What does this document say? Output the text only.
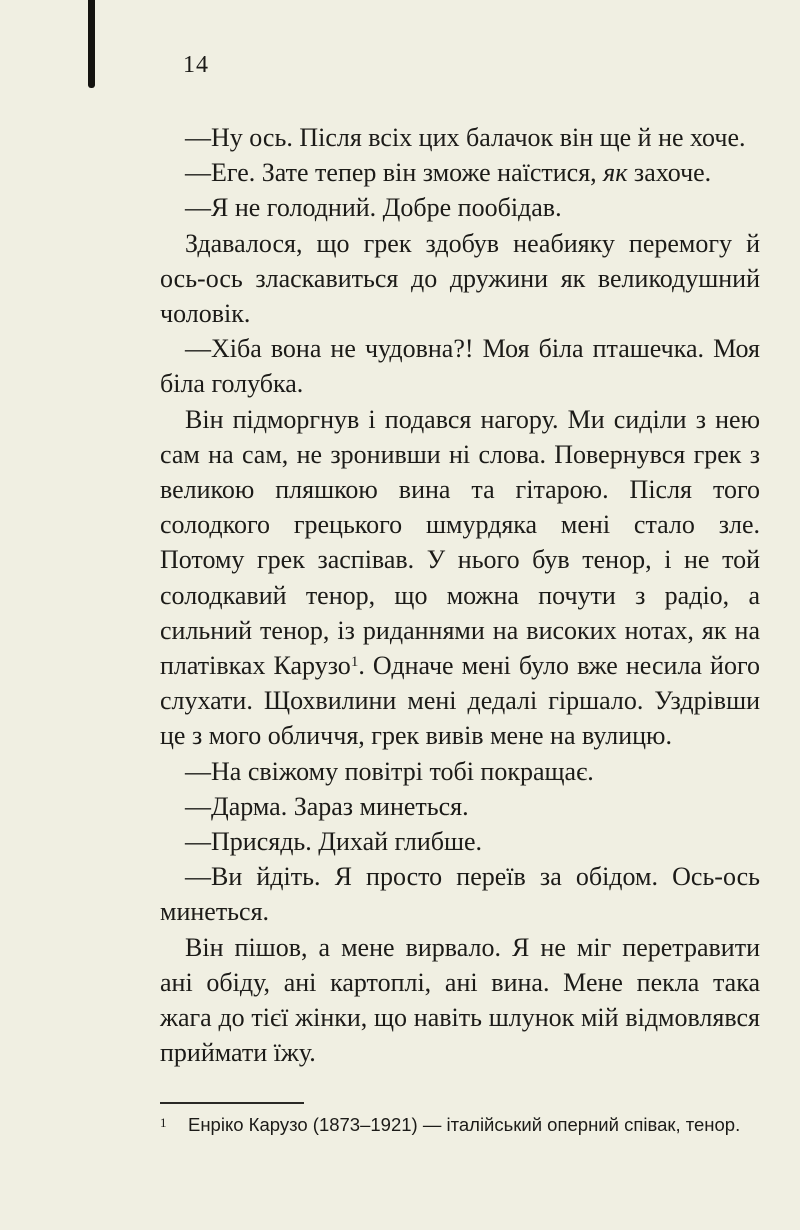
14

—Ну ось. Після всіх цих балачок він ще й не хоче.

—Еге. Зате тепер він зможе наїстися, як захоче.

—Я не голодний. Добре пообідав.

Здавалося, що грек здобув неабияку перемогу й ось-ось зласкавиться до дружини як великодушний чоловік.

—Хіба вона не чудовна?! Моя біла пташечка. Моя біла голубка.

Він підморгнув і подався нагору. Ми сиділи з нею сам на сам, не зронивши ні слова. Повернувся грек з великою пляшкою вина та гітарою. Після того солодкого грецького шмурдяка мені стало зле. Потому грек заспівав. У нього був тенор, і не той солодкавий тенор, що можна почути з радіо, а сильний тенор, із риданнями на високих нотах, як на платівках Карузо$^1$. Одначе мені було вже несила його слухати. Щохвилини мені дедалі гіршало. Уздрівши це з мого обличчя, грек вивів мене на вулицю.

—На свіжому повітрі тобі покращає.

—Дарма. Зараз минеться.

—Присядь. Дихай глибше.

—Ви йдіть. Я просто переїв за обідом. Ось-ось минеться.

Він пішов, а мене вирвало. Я не міг перетравити ані обіду, ані картоплі, ані вина. Мене пекла така жага до тієї жінки, що навіть шлунок мій відмовлявся приймати їжу.

1 Енріко Карузо (1873–1921) — італійський оперний співак, тенор.
